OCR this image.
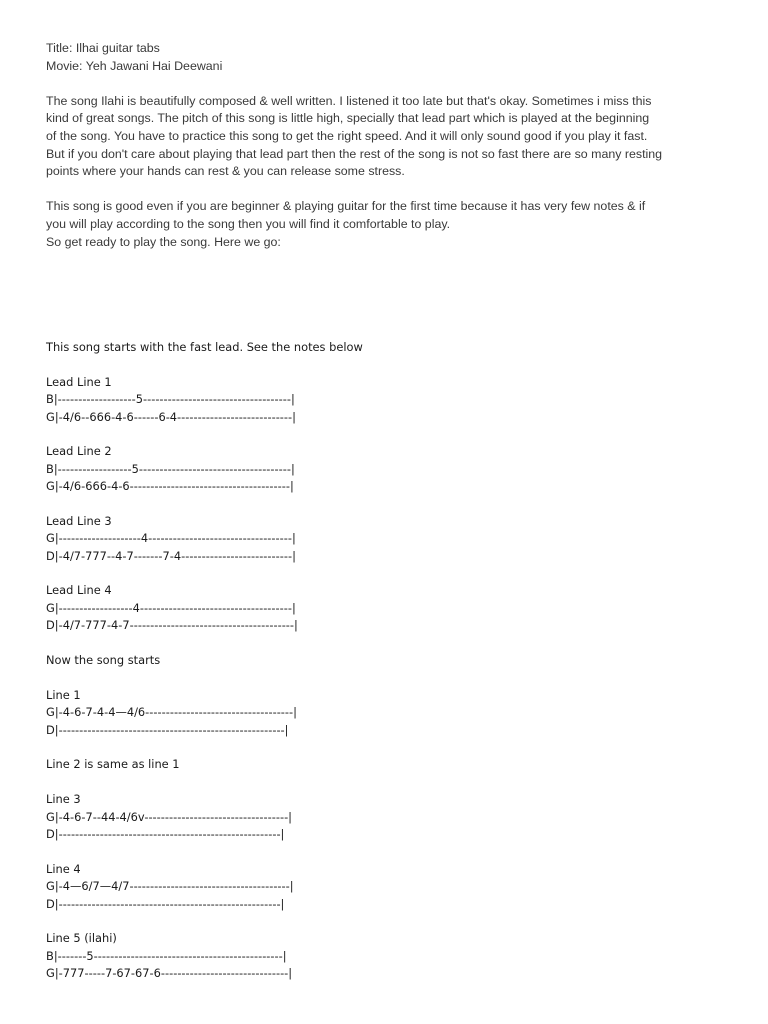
Title: Ilhai guitar tabs

Movie: Yeh Jawani Hai Deewani

The song Ilahi is beautifully composed & well written. I listened it too late but that's okay. Sometimes i miss this

kind of great songs. The pitch of this song is little high, specially that lead part which is played at the beginning

of the song. You have to practice this song to get the right speed. And it will only sound good if you play it fast.

But if you don't care about playing that lead part then the rest of the song is not so fast there are so many resting

points where your hands can rest & you can release some stress.

This song is good even if you are beginner & playing guitar for the first time because it has very few notes & if

you will play according to the song then you will find it comfortable to play.

So get ready to play the song. Here we go:

This song starts with the fast lead. See the notes below

Lead Line 1

B|-------------------5------------------------------------|

G|-4/6--666-4-6------6-4----------------------------|

Lead Line 2

B|------------------5-------------------------------------|

G|-4/6-666-4-6---------------------------------------|

Lead Line 3

G|--------------------4-----------------------------------|

D|-4/7-777--4-7-------7-4---------------------------|

Lead Line 4

G|------------------4-------------------------------------|

D|-4/7-777-4-7----------------------------------------|

Now the song starts

Line 1

G|-4-6-7-4-4—4/6------------------------------------|

D|-------------------------------------------------------|

Line 2 is same as line 1

Line 3

G|-4-6-7--44-4/6v-----------------------------------|

D|------------------------------------------------------|

Line 4

G|-4—6/7—4/7---------------------------------------|

D|------------------------------------------------------|

Line 5 (ilahi)

B|-------5----------------------------------------------|

G|-777-----7-67-67-6-------------------------------|
